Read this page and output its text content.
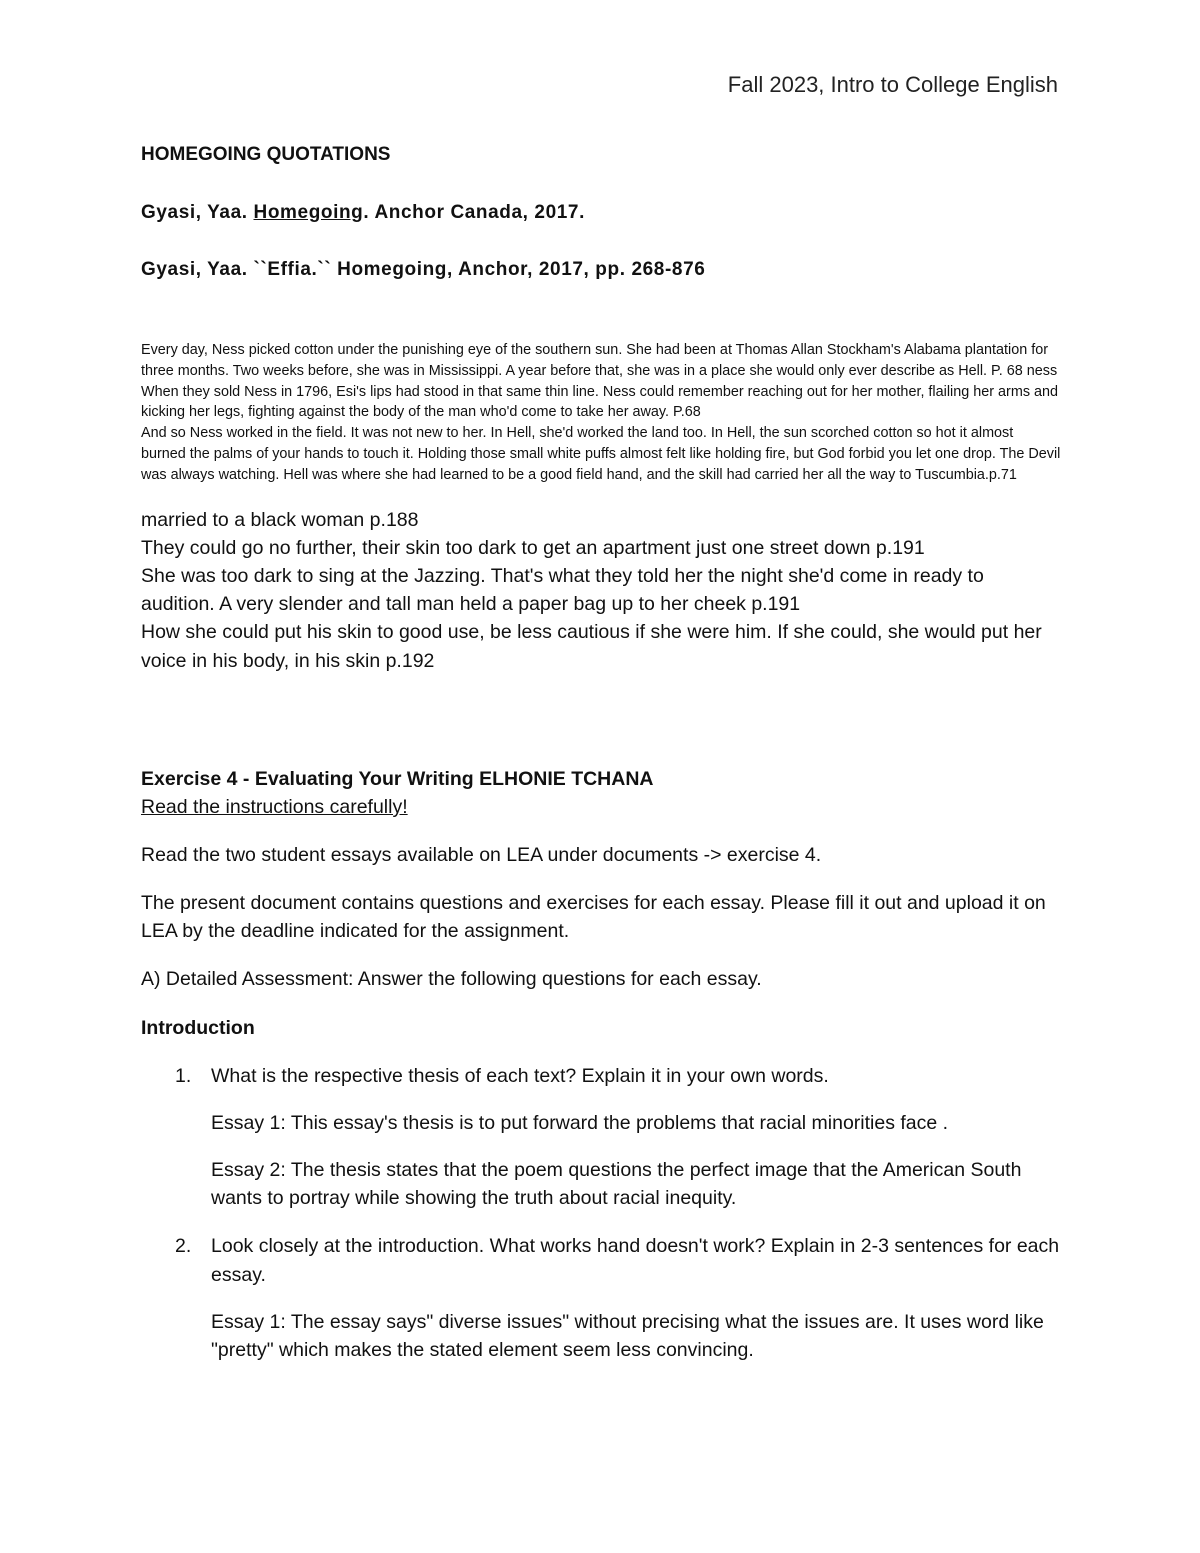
Fall 2023, Intro to College English
HOMEGOING QUOTATIONS
Gyasi, Yaa. Homegoing. Anchor Canada, 2017.
Gyasi, Yaa. ``Effia.`` Homegoing, Anchor, 2017, pp. 268-876

Every day, Ness picked cotton under the punishing eye of the southern sun. She had been at Thomas Allan Stockham's Alabama plantation for three months. Two weeks before, she was in Mississippi. A year before that, she was in a place she would only ever describe as Hell. P. 68 ness

When they sold Ness in 1796, Esi's lips had stood in that same thin line. Ness could remember reaching out for her mother, flailing her arms and kicking her legs, fighting against the body of the man who'd come to take her away. P.68

And so Ness worked in the field. It was not new to her. In Hell, she'd worked the land too. In Hell, the sun scorched cotton so hot it almost burned the palms of your hands to touch it. Holding those small white puffs almost felt like holding fire, but God forbid you let one drop. The Devil was always watching. Hell was where she had learned to be a good field hand, and the skill had carried her all the way to Tuscumbia.p.71

married to a black woman p.188

They could go no further, their skin too dark to get an apartment just one street down p.191

She was too dark to sing at the Jazzing. That's what they told her the night she'd come in ready to audition. A very slender and tall man held a paper bag up to her cheek p.191

How she could put his skin to good use, be less cautious if she were him. If she could, she would put her voice in his body, in his skin p.192

Exercise 4 - Evaluating Your Writing ELHONIE TCHANA
Read the instructions carefully!
Read the two student essays available on LEA under documents -> exercise 4.
The present document contains questions and exercises for each essay. Please fill it out and upload it on LEA by the deadline indicated for the assignment.
A) Detailed Assessment: Answer the following questions for each essay.
Introduction
1. What is the respective thesis of each text? Explain it in your own words.
Essay 1: This essay's thesis is to put forward the problems that racial minorities face .
Essay 2: The thesis states that the poem questions the perfect image that the American South wants to portray while showing the truth about racial inequity.
2. Look closely at the introduction. What works hand doesn't work? Explain in 2-3 sentences for each essay.
Essay 1: The essay says" diverse issues" without precising what the issues are. It uses word like "pretty" which makes the stated element seem less convincing.
